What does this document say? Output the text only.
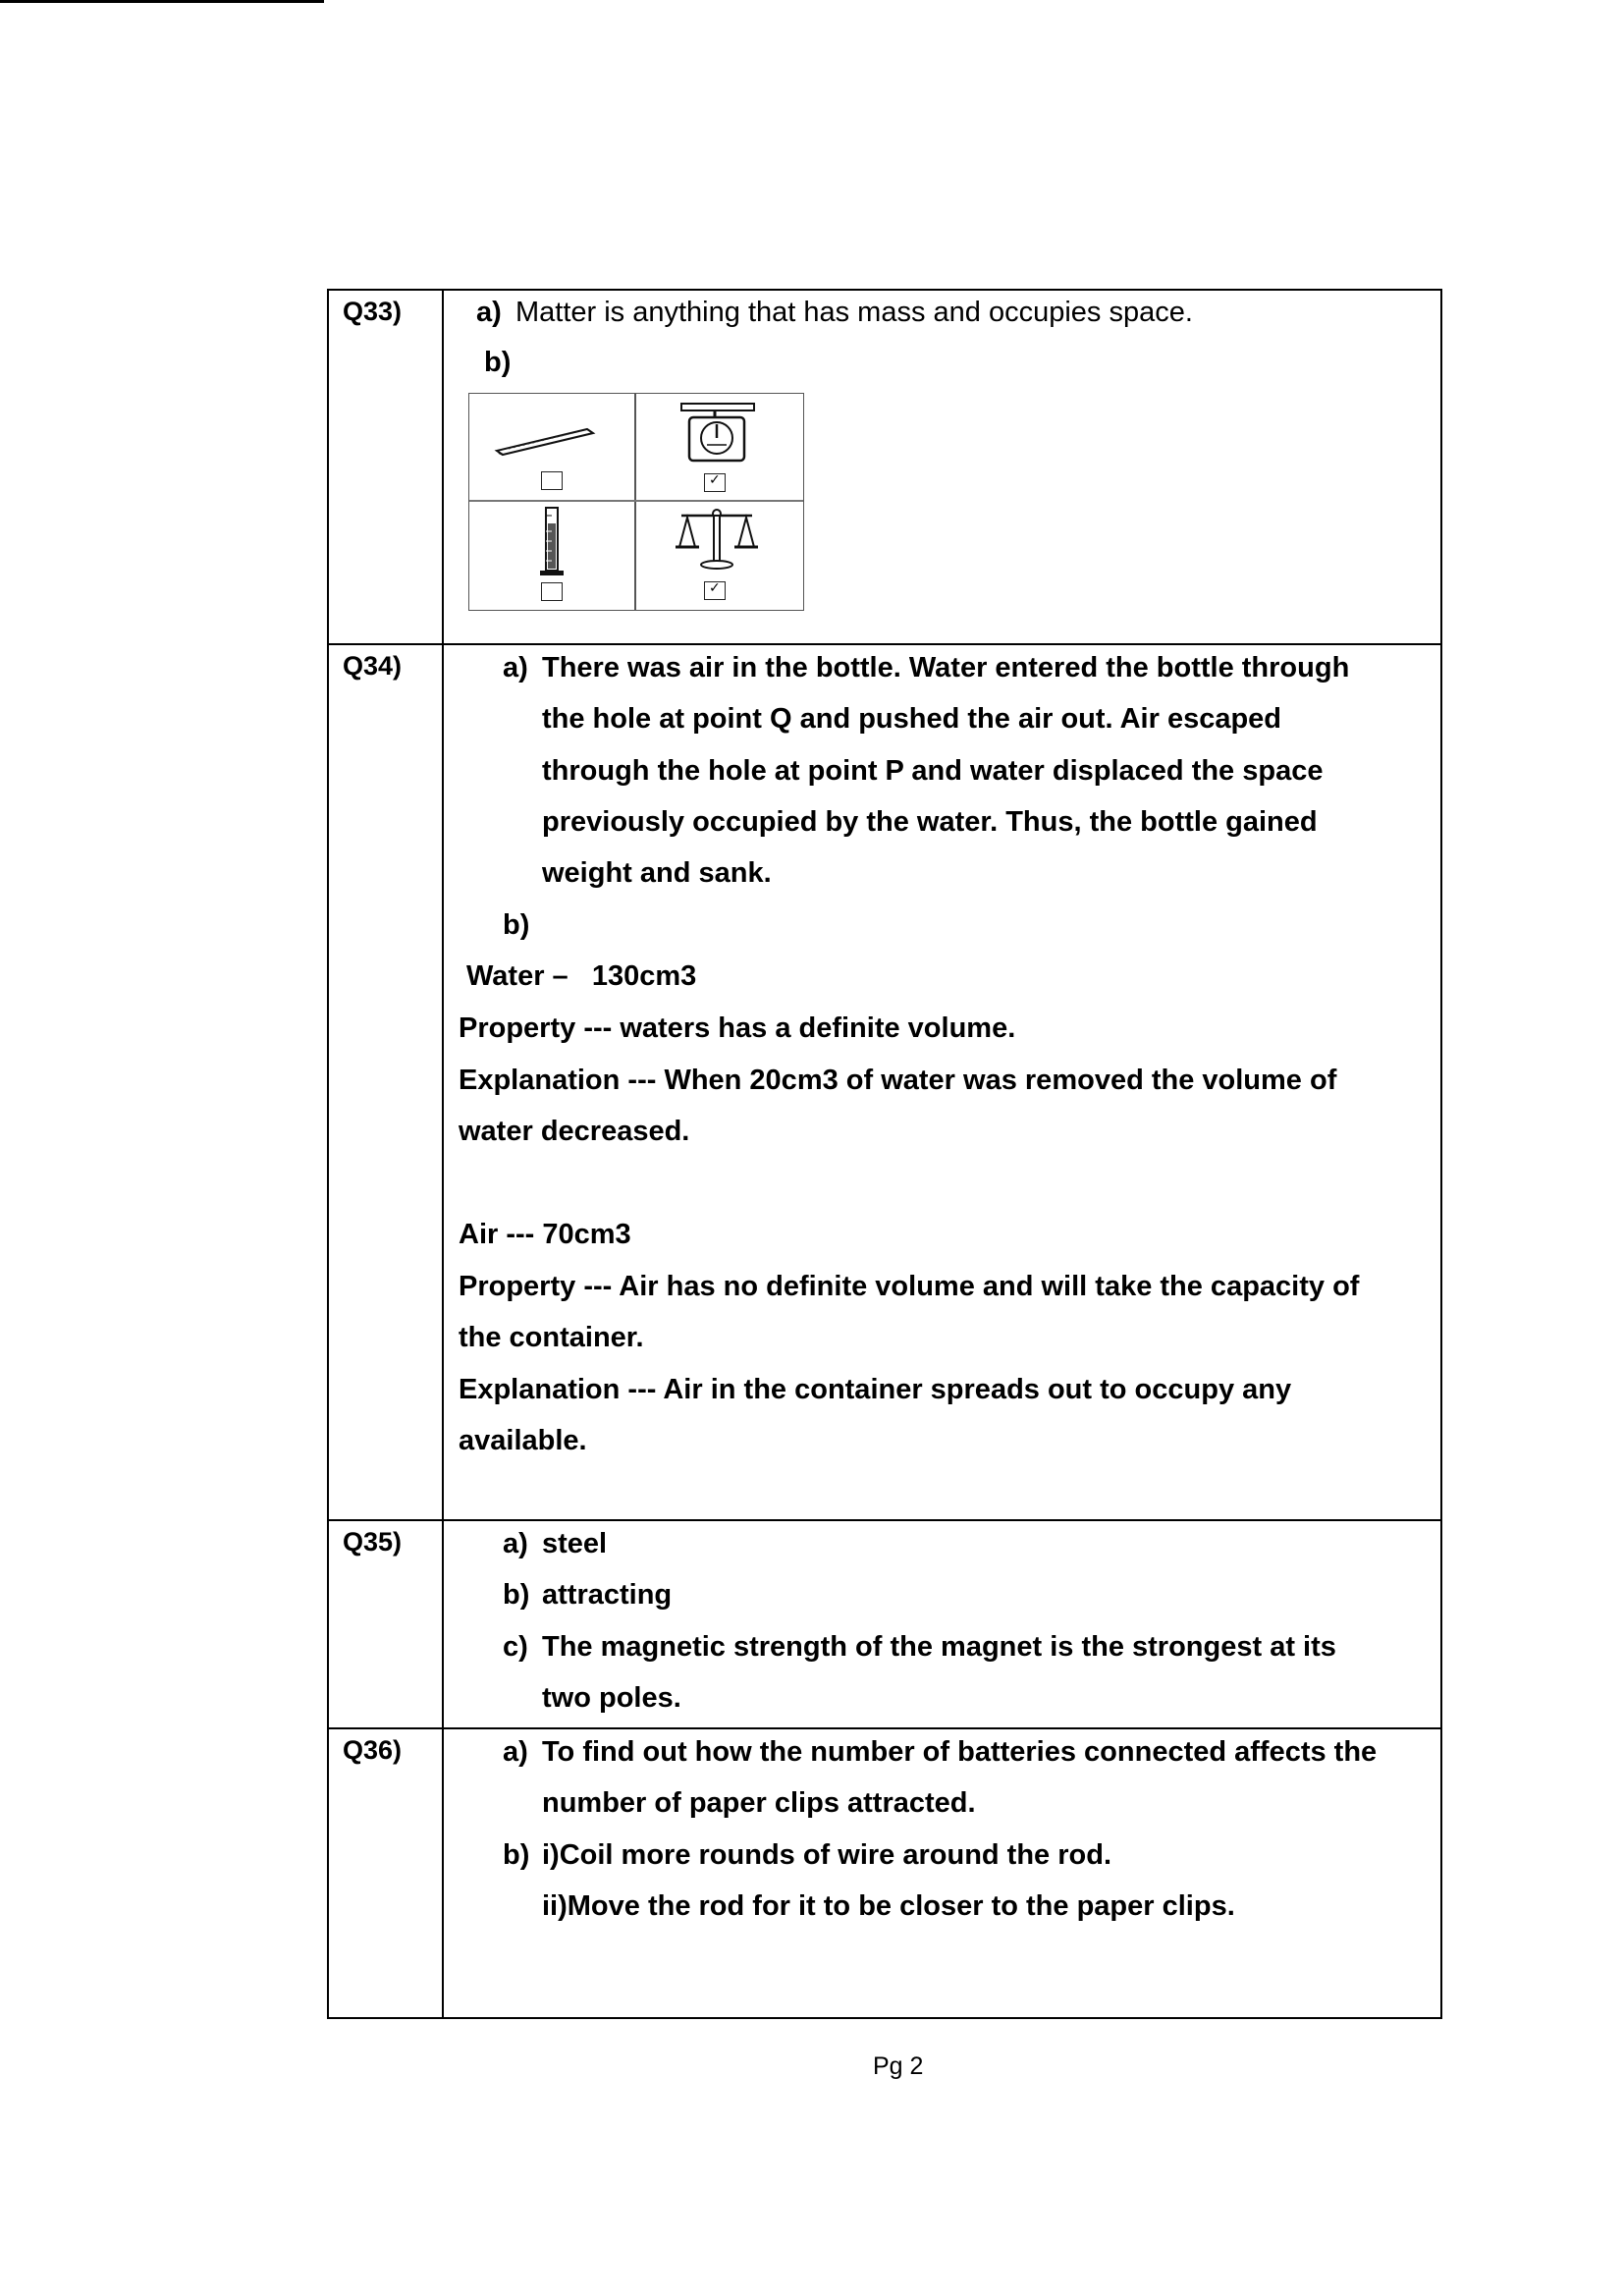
Q33)	a) Matter is anything that has mass and occupies space.
b)
✓
✓
Q34)	a) There was air in the bottle. Water entered the bottle through
the hole at point Q and pushed the air out. Air escaped
through the hole at point P and water displaced the space
previously occupied by the water. Thus, the bottle gained
weight and sank.
b)
Water –   130cm3
Property --- waters has a definite volume.
Explanation --- When 20cm3 of water was removed the volume of
water decreased.
Air --- 70cm3
Property --- Air has no definite volume and will take the capacity of
the container.
Explanation --- Air in the container spreads out to occupy any
available.
Q35)	a) steel
b) attracting
c) The magnetic strength of the magnet is the strongest at its
two poles.
Q36)	a) To find out how the number of batteries connected affects the
number of paper clips attracted.
b) i)Coil more rounds of wire around the rod.
ii)Move the rod for it to be closer to the paper clips.
Pg 2
